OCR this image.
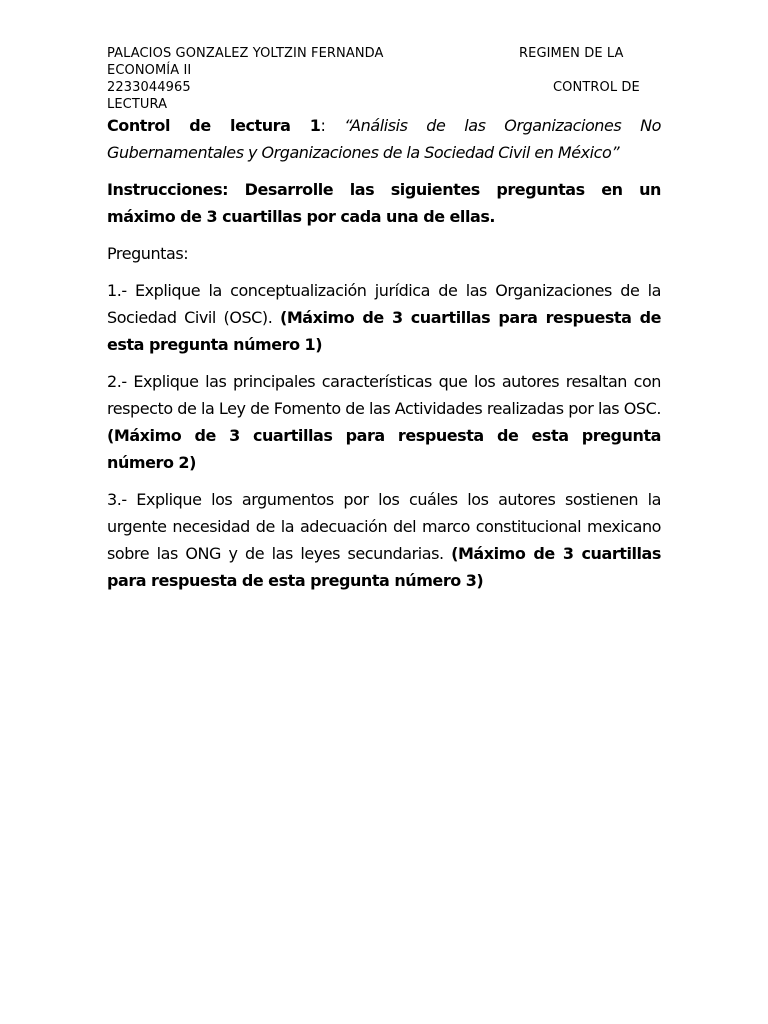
PALACIOS GONZALEZ YOLTZIN FERNANDA	REGIMEN DE LA
ECONOMÍA II
2233044965	CONTROL DE
LECTURA

Control de lectura 1: “Análisis de las Organizaciones No Gubernamentales y Organizaciones de la Sociedad Civil en México”

Instrucciones: Desarrolle las siguientes preguntas en un máximo de 3 cuartillas por cada una de ellas.

Preguntas:

1.- Explique la conceptualización jurídica de las Organizaciones de la Sociedad Civil (OSC). (Máximo de 3 cuartillas para respuesta de esta pregunta número 1)

2.- Explique las principales características que los autores resaltan con respecto de la Ley de Fomento de las Actividades realizadas por las OSC. (Máximo de 3 cuartillas para respuesta de esta pregunta número 2)

3.- Explique los argumentos por los cuáles los autores sostienen la urgente necesidad de la adecuación del marco constitucional mexicano sobre las ONG y de las leyes secundarias. (Máximo de 3 cuartillas para respuesta de esta pregunta número 3)
